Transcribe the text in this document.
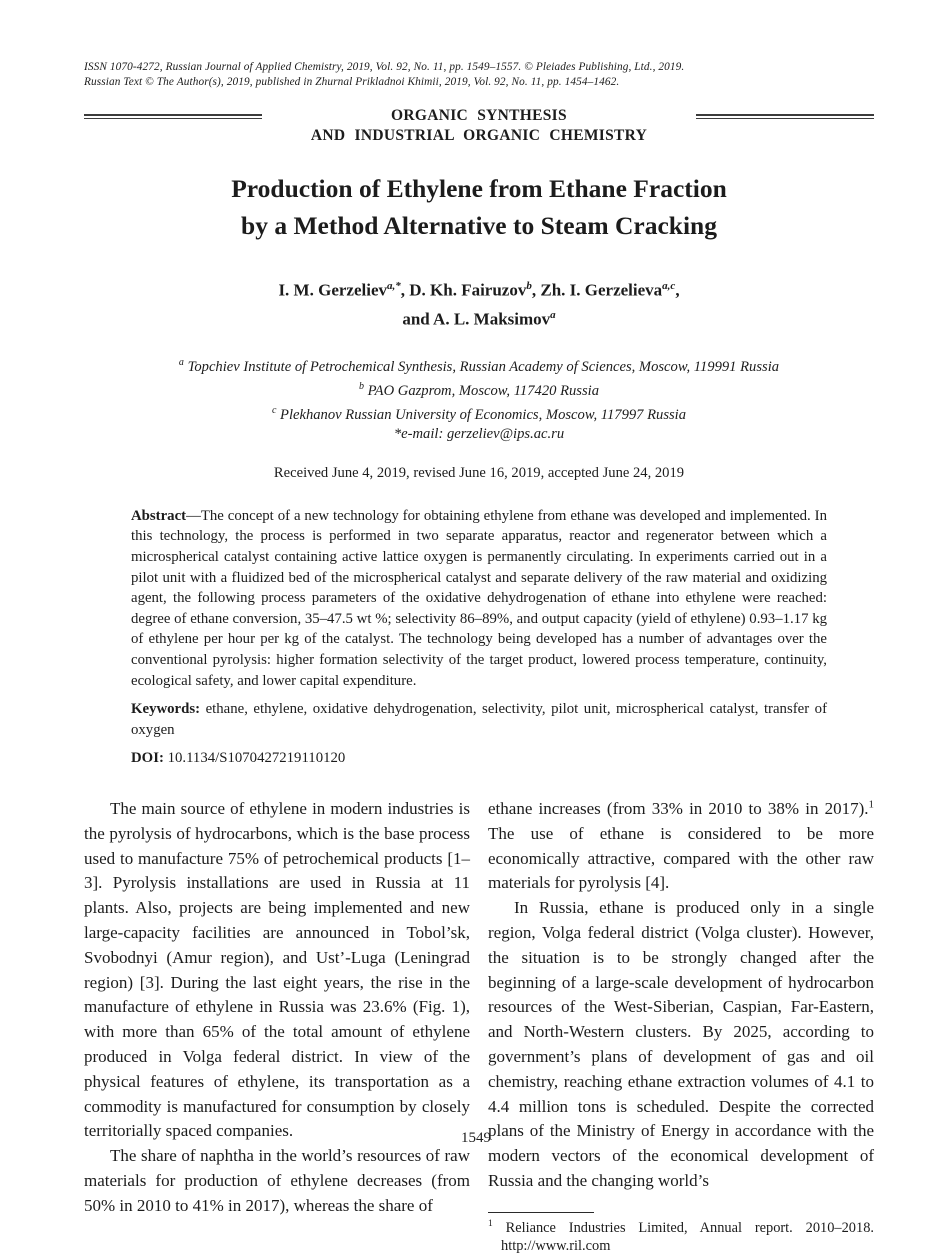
ISSN 1070-4272, Russian Journal of Applied Chemistry, 2019, Vol. 92, No. 11, pp. 1549–1557. © Pleiades Publishing, Ltd., 2019.
Russian Text © The Author(s), 2019, published in Zhurnal Prikladnoi Khimii, 2019, Vol. 92, No. 11, pp. 1454–1462.
ORGANIC SYNTHESIS
AND INDUSTRIAL ORGANIC CHEMISTRY
Production of Ethylene from Ethane Fraction
by a Method Alternative to Steam Cracking
I. M. Gerzeliev$^{a,*}$, D. Kh. Fairuzov$^b$, Zh. I. Gerzelieva$^{a,c}$,
and A. L. Maksimov$^a$
$^a$ Topchiev Institute of Petrochemical Synthesis, Russian Academy of Sciences, Moscow, 119991 Russia
$^b$ PAO Gazprom, Moscow, 117420 Russia
$^c$ Plekhanov Russian University of Economics, Moscow, 117997 Russia
*e-mail: gerzeliev@ips.ac.ru
Received June 4, 2019, revised June 16, 2019, accepted June 24, 2019

Abstract—The concept of a new technology for obtaining ethylene from ethane was developed and implemented. In this technology, the process is performed in two separate apparatus, reactor and regenerator between which a microspherical catalyst containing active lattice oxygen is permanently circulating. In experiments carried out in a pilot unit with a fluidized bed of the microspherical catalyst and separate delivery of the raw material and oxidizing agent, the following process parameters of the oxidative dehydrogenation of ethane into ethylene were reached: degree of ethane conversion, 35–47.5 wt %; selectivity 86–89%, and output capacity (yield of ethylene) 0.93–1.17 kg of ethylene per hour per kg of the catalyst. The technology being developed has a number of advantages over the conventional pyrolysis: higher formation selectivity of the target product, lowered process temperature, continuity, ecological safety, and lower capital expenditure.

Keywords: ethane, ethylene, oxidative dehydrogenation, selectivity, pilot unit, microspherical catalyst, transfer of oxygen

DOI: 10.1134/S1070427219110120

The main source of ethylene in modern industries is the pyrolysis of hydrocarbons, which is the base process used to manufacture 75% of petrochemical products [1–3]. Pyrolysis installations are used in Russia at 11 plants. Also, projects are being implemented and new large-capacity facilities are announced in Tobol’sk, Svobodnyi (Amur region), and Ust’-Luga (Leningrad region) [3]. During the last eight years, the rise in the manufacture of ethylene in Russia was 23.6% (Fig. 1), with more than 65% of the total amount of ethylene produced in Volga federal district. In view of the physical features of ethylene, its transportation as a commodity is manufactured for consumption by closely territorially spaced companies.

The share of naphtha in the world’s resources of raw materials for production of ethylene decreases (from 50% in 2010 to 41% in 2017), whereas the share of

ethane increases (from 33% in 2010 to 38% in 2017).$^1$ The use of ethane is considered to be more economically attractive, compared with the other raw materials for pyrolysis [4].

In Russia, ethane is produced only in a single region, Volga federal district (Volga cluster). However, the situation is to be strongly changed after the beginning of a large-scale development of hydrocarbon resources of the West-Siberian, Caspian, Far-Eastern, and North-Western clusters. By 2025, according to government’s plans of development of gas and oil chemistry, reaching ethane extraction volumes of 4.1 to 4.4 million tons is scheduled. Despite the corrected plans of the Ministry of Energy in accordance with the modern vectors of the economical development of Russia and the changing world’s

$^1$ Reliance Industries Limited, Annual report. 2010–2018. http://www.ril.com

1549
